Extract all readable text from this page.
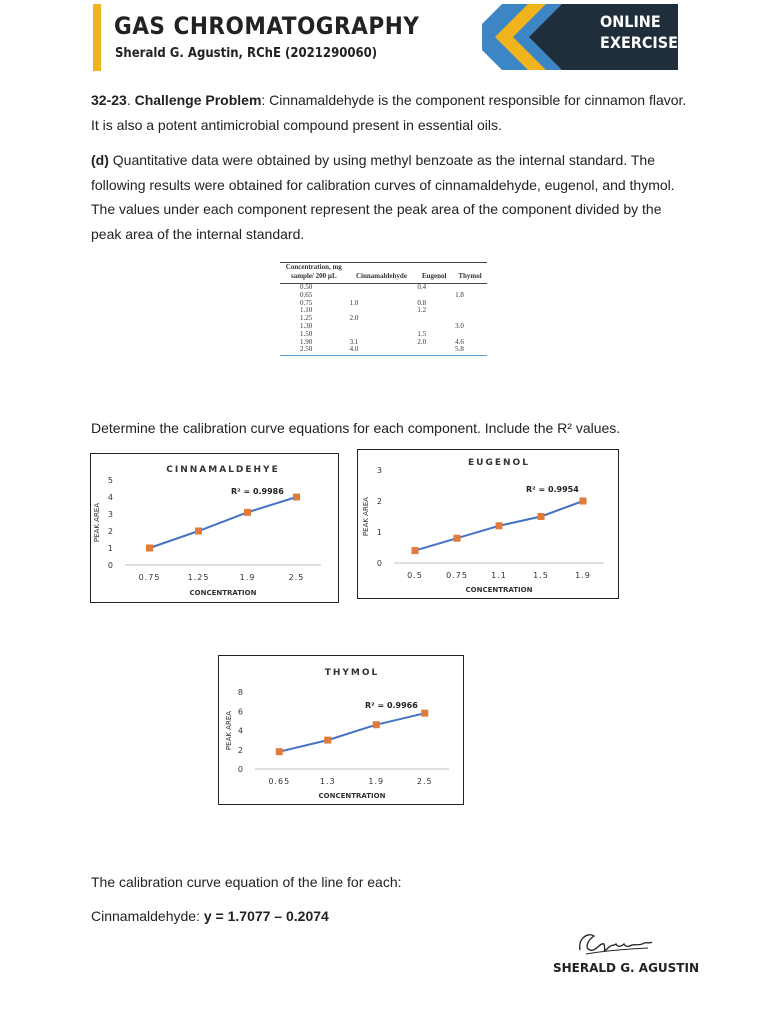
GAS CHROMATOGRAPHY
Sherald G. Agustin, RChE (2021290060)
ONLINE
EXERCISE
32-23. Challenge Problem: Cinnamaldehyde is the component responsible for cinnamon flavor. It is also a potent antimicrobial compound present in essential oils.
(d) Quantitative data were obtained by using methyl benzoate as the internal standard. The following results were obtained for calibration curves of cinnamaldehyde, eugenol, and thymol. The values under each component represent the peak area of the component divided by the peak area of the internal standard.
Concentration, mg sample/ 200 µL	Cinnamaldehyde	Eugenol	Thymol
0.50		0.4	
0.65			1.8
0.75	1.0	0.8	
1.10		1.2	
1.25	2.0		
1.30			3.0
1.50		1.5	
1.90	3.1	2.0	4.6
2.50	4.0		5.8
Determine the calibration curve equations for each component. Include the R² values.
CINNAMALDEHYE
0
1
2
3
4
5
0.75	1.25	1.9	2.5
R² = 0.9986
CONCENTRATION
PEAK AREA
EUGENOL
0
1
2
3
0.5	0.75	1.1	1.5	1.9
R² = 0.9954
CONCENTRATION
PEAK AREA
THYMOL
0
2
4
6
8
0.65	1.3	1.9	2.5
R² = 0.9966
CONCENTRATION
PEAK AREA
The calibration curve equation of the line for each:
Cinnamaldehyde: y = 1.7077 – 0.2074
SHERALD G. AGUSTIN
